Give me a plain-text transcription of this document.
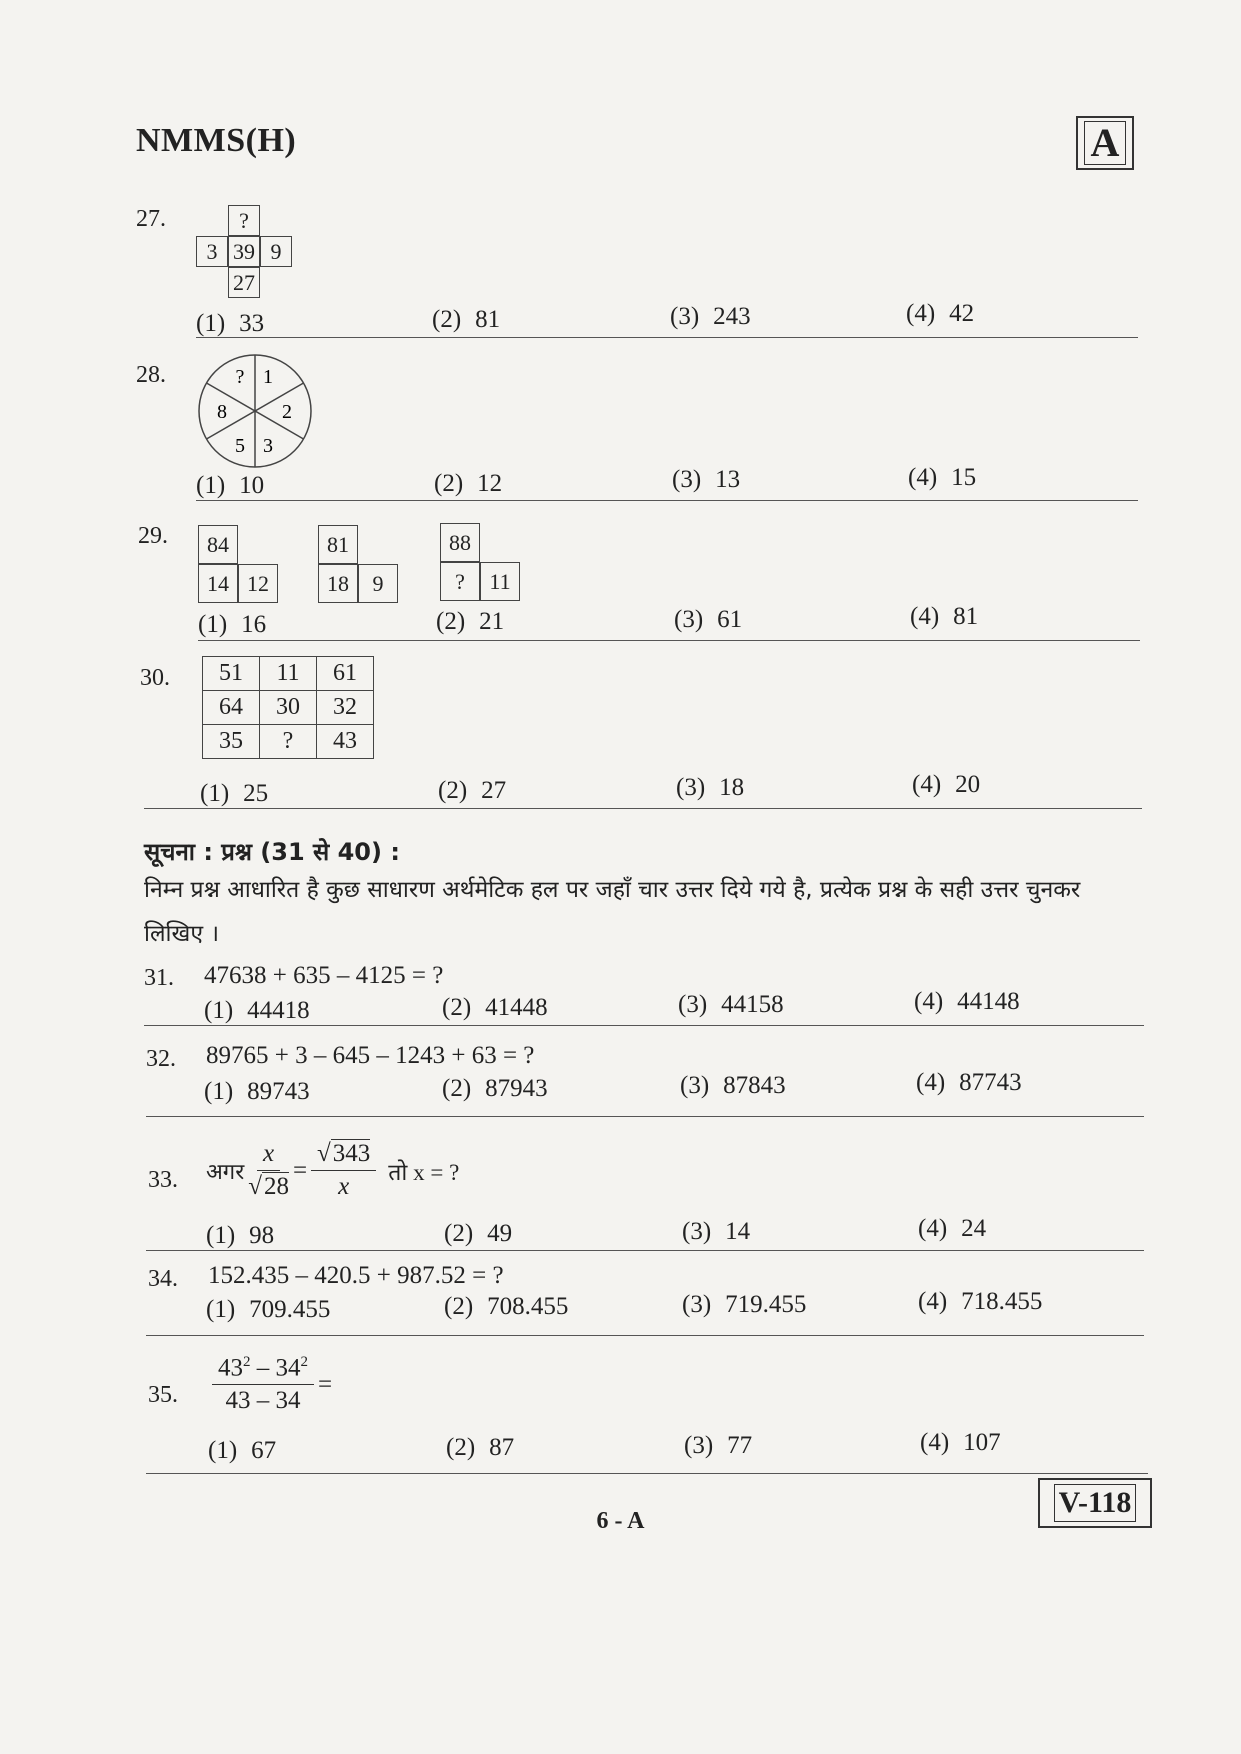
NMMS(H)	A
27.	?
3 39 9
27
(1) 33	(2) 81	(3) 243	(4) 42
28.	? 1
2
3
5
8
(1) 10	(2) 12	(3) 13	(4) 15
29.	84
14 12
81
18	9
88
?	11
(1) 16	(2) 21	(3) 61	(4) 81
30. 51	11	61
64	30	32
35	?	43
(1) 25	(2) 27	(3) 18	(4) 20
सूचना : प्रश्न (31 से 40) :
निम्न प्रश्न आधारित है कुछ साधारण अर्थमेटिक हल पर जहाँ चार उत्तर दिये गये है, प्रत्येक प्रश्न के सही उत्तर चुनकर लिखिए ।
31. 47638 + 635 – 4125 = ?
(1) 44418	(2) 41448	(3) 44158	(4) 44148
32. 89765 + 3 – 645 – 1243 + 63 = ?
(1) 89743	(2) 87943	(3) 87843	(4) 87743
33. अगर $\frac{x}{√28} = \frac{√343}{x}$ तो x = ?
(1) 98	(2) 49	(3) 14	(4) 24
34. 152.435 – 420.5 + 987.52 = ?
(1) 709.455	(2) 708.455	(3) 719.455	(4) 718.455
35. $\frac{43^2 - 34^2}{43 - 34}$ =
(1) 67	(2) 87	(3) 77	(4) 107
6 - A
V-118
